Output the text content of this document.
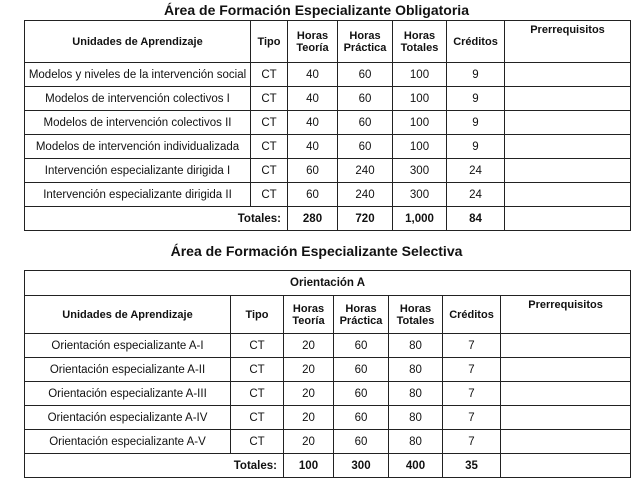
Área de Formación Especializante Obligatoria
Unidades de Aprendizaje	Tipo	Horas Teoría	Horas Práctica	Horas Totales	Créditos	Prerrequisitos
Modelos y niveles de la intervención social	CT	40	60	100	9	
Modelos de intervención colectivos I	CT	40	60	100	9	
Modelos de intervención colectivos II	CT	40	60	100	9	
Modelos de intervención individualizada	CT	40	60	100	9	
Intervención especializante dirigida I	CT	60	240	300	24	
Intervención especializante dirigida II	CT	60	240	300	24	
Totales:		280	720	1,000	84	
Área de Formación Especializante Selectiva
Orientación A						
Unidades de Aprendizaje	Tipo	Horas Teoría	Horas Práctica	Horas Totales	Créditos	Prerrequisitos
Orientación especializante A-I	CT	20	60	80	7	
Orientación especializante A-II	CT	20	60	80	7	
Orientación especializante A-III	CT	20	60	80	7	
Orientación especializante A-IV	CT	20	60	80	7	
Orientación especializante A-V	CT	20	60	80	7	
Totales:		100	300	400	35	
